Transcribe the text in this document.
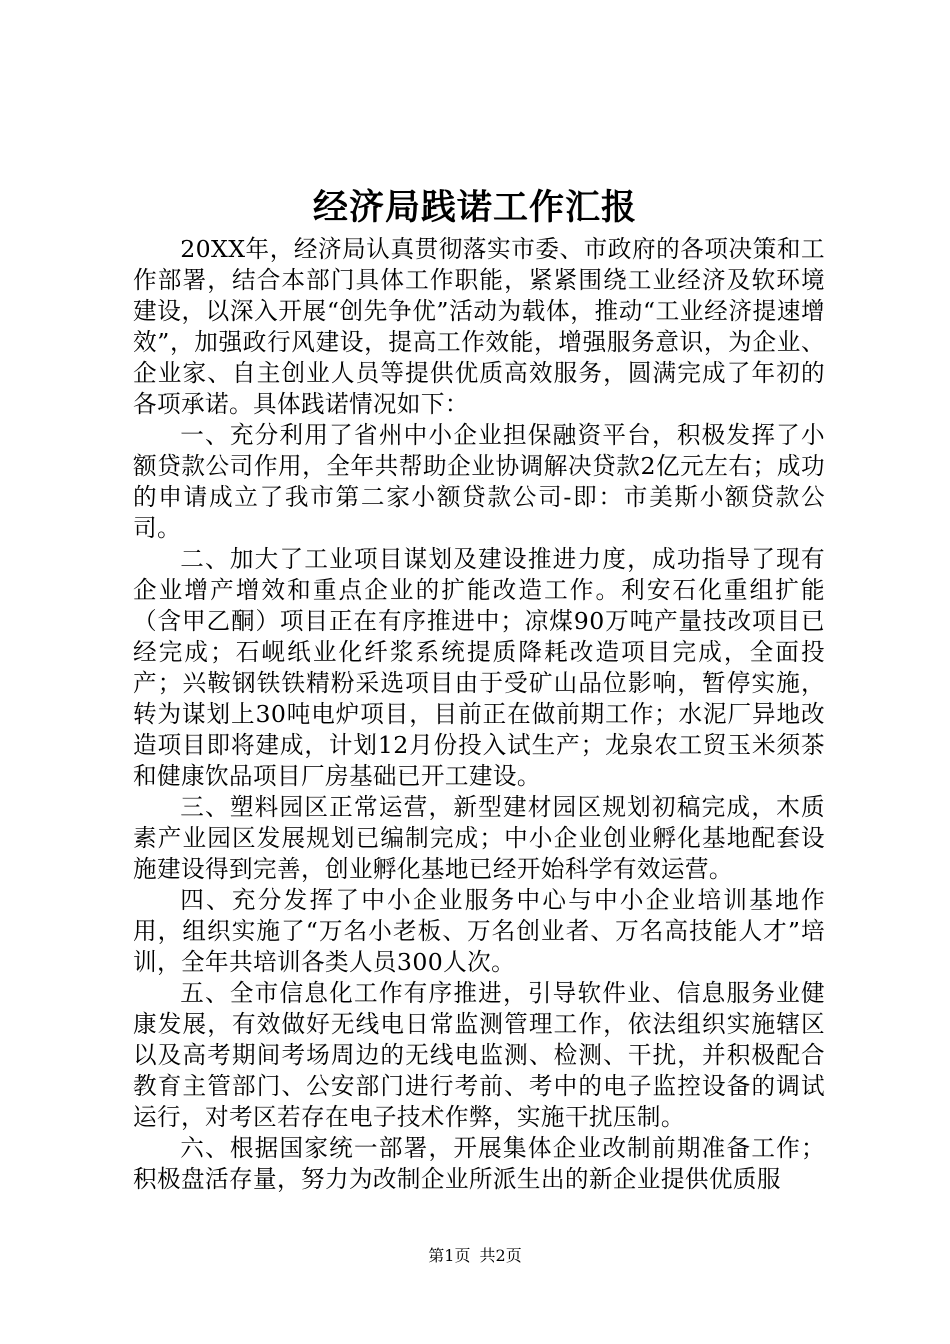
经济局践诺工作汇报

20XX年，经济局认真贯彻落实市委、市政府的各项决策和工作部署，结合本部门具体工作职能，紧紧围绕工业经济及软环境建设，以深入开展“创先争优”活动为载体，推动“工业经济提速增效”，加强政行风建设，提高工作效能，增强服务意识，为企业、企业家、自主创业人员等提供优质高效服务，圆满完成了年初的各项承诺。具体践诺情况如下：

一、充分利用了省州中小企业担保融资平台，积极发挥了小额贷款公司作用，全年共帮助企业协调解决贷款2亿元左右；成功的申请成立了我市第二家小额贷款公司-即：市美斯小额贷款公司。

二、加大了工业项目谋划及建设推进力度，成功指导了现有企业增产增效和重点企业的扩能改造工作。利安石化重组扩能（含甲乙酮）项目正在有序推进中；凉煤90万吨产量技改项目已经完成；石岘纸业化纤浆系统提质降耗改造项目完成，全面投产；兴鞍钢铁铁精粉采选项目由于受矿山品位影响，暂停实施，转为谋划上30吨电炉项目，目前正在做前期工作；水泥厂异地改造项目即将建成，计划12月份投入试生产；龙泉农工贸玉米须茶和健康饮品项目厂房基础已开工建设。

三、塑料园区正常运营，新型建材园区规划初稿完成，木质素产业园区发展规划已编制完成；中小企业创业孵化基地配套设施建设得到完善，创业孵化基地已经开始科学有效运营。

四、充分发挥了中小企业服务中心与中小企业培训基地作用，组织实施了“万名小老板、万名创业者、万名高技能人才”培训，全年共培训各类人员300人次。

五、全市信息化工作有序推进，引导软件业、信息服务业健康发展，有效做好无线电日常监测管理工作，依法组织实施辖区以及高考期间考场周边的无线电监测、检测、干扰，并积极配合教育主管部门、公安部门进行考前、考中的电子监控设备的调试运行，对考区若存在电子技术作弊，实施干扰压制。

六、根据国家统一部署，开展集体企业改制前期准备工作；积极盘活存量，努力为改制企业所派生出的新企业提供优质服

第1页 共2页
